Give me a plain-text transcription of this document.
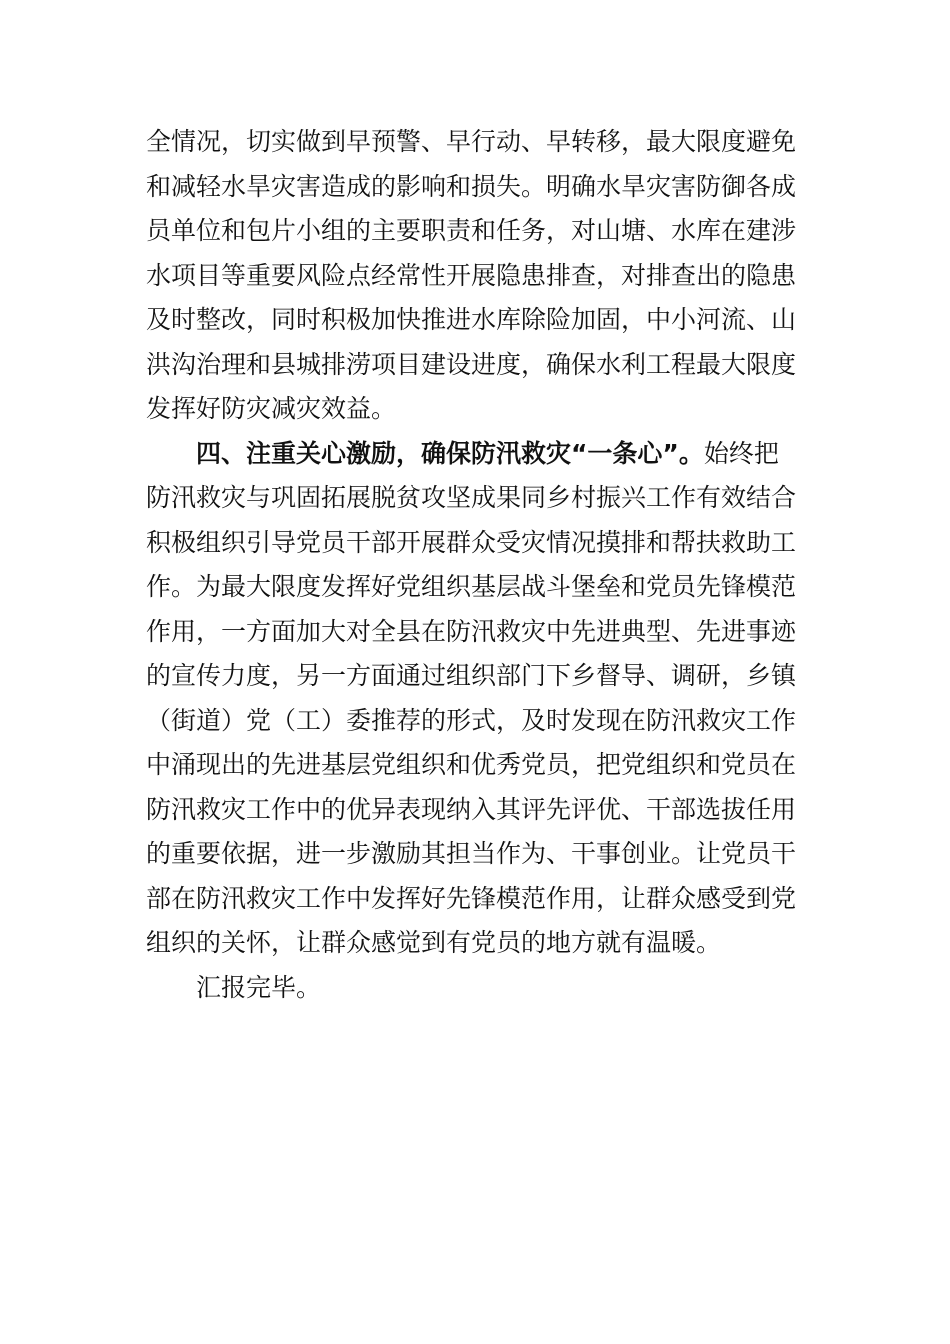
全情况，切实做到早预警、早行动、早转移，最大限度避免
和减轻水旱灾害造成的影响和损失。明确水旱灾害防御各成
员单位和包片小组的主要职责和任务，对山塘、水库在建涉
水项目等重要风险点经常性开展隐患排查，对排查出的隐患
及时整改，同时积极加快推进水库除险加固，中小河流、山
洪沟治理和县城排涝项目建设进度，确保水利工程最大限度
发挥好防灾减灾效益。
四、注重关心激励，确保防汛救灾“一条心”。始终把
防汛救灾与巩固拓展脱贫攻坚成果同乡村振兴工作有效结合
积极组织引导党员干部开展群众受灾情况摸排和帮扶救助工
作。为最大限度发挥好党组织基层战斗堡垒和党员先锋模范
作用，一方面加大对全县在防汛救灾中先进典型、先进事迹
的宣传力度，另一方面通过组织部门下乡督导、调研，乡镇
（街道）党（工）委推荐的形式，及时发现在防汛救灾工作
中涌现出的先进基层党组织和优秀党员，把党组织和党员在
防汛救灾工作中的优异表现纳入其评先评优、干部选拔任用
的重要依据，进一步激励其担当作为、干事创业。让党员干
部在防汛救灾工作中发挥好先锋模范作用，让群众感受到党
组织的关怀，让群众感觉到有党员的地方就有温暖。
汇报完毕。
